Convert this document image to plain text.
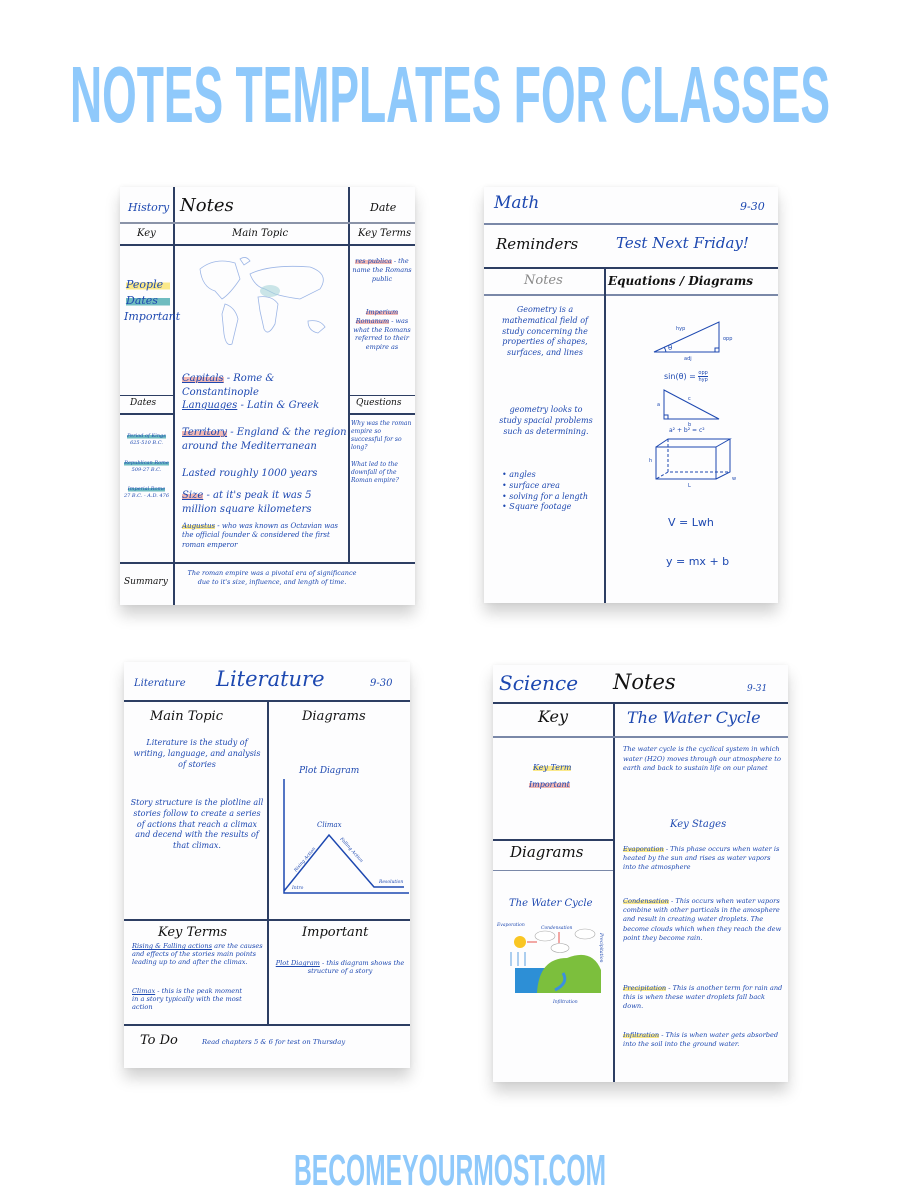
NOTES TEMPLATES FOR CLASSES
History Notes	Date
Key	Main Topic	Key Terms
People
Dates
Important
res publica - the name the Romans public
Imperium Romanum - was what the Romans referred to their empire as
Capitals - Rome & Constantinople
Languages - Latin & Greek
Territory - England & the region around the Mediterranean
Lasted roughly 1000 years
Size - at it's peak it was 5 million square kilometers
Augustus - who was known as Octavian was the official founder & considered the first roman emperor
Dates
Period of Kings
625-510 B.C.
Republican Rome
509-27 B.C.
Imperial Rome
27 B.C. - A.D. 476
Questions
Why was the roman empire so successful for so long?
What led to the downfall of the Roman empire?
Summary
The roman empire was a pivotal era of significance due to it's size, influence, and length of time.
Math	9-30
Reminders	Test Next Friday!
Notes	Equations / Diagrams
Geometry is a mathematical field of study concerning the properties of shapes, surfaces, and lines
geometry looks to study spacial problems such as determining.
• angles
• surface area
• solving for a length
• Square footage
hyp
opp
adj
θ
a
c
b
h
L
w
sin(θ) = opp
hyp
a² + b² = c²
V = Lwh
y = mx + b
Literature Literature	9-30
Main Topic	Diagrams
Literature is the study of writing, language, and analysis of stories
Story structure is the plotline all stories follow to create a series of actions that reach a climax and decend with the results of that climax.
Plot Diagram
Climax
Rising Action	Falling Action
Intro
Resolution
Key Terms
Rising & Falling actions are the causes and effects of the stories main points leading up to and after the climax.
Climax - this is the peak moment in a story typically with the most action
Important
Plot Diagram - this diagram shows the structure of a story
To Do	Read chapters 5 & 6 for test on Thursday
Science Notes	9-31
Key	The Water Cycle
Key Term
Important
Diagrams
The Water Cycle
Evaporation
Condensation
Precipitation
Infiltration
The water cycle is the cyclical system in which water (H2O) moves through our atmosphere to earth and back to sustain life on our planet
Key Stages
Evaporation - This phase occurs when water is heated by the sun and rises as water vapors into the atmosphere
Condensation - This occurs when water vapors combine with other particals in the amosphere and result in creating water droplets. The become clouds which when they reach the dew point they become rain.
Precipitation - This is another term for rain and this is when these water droplets fall back down.
Infiltration - This is when water gets absorbed into the soil into the ground water.
BECOMEYOURMOST.COM
